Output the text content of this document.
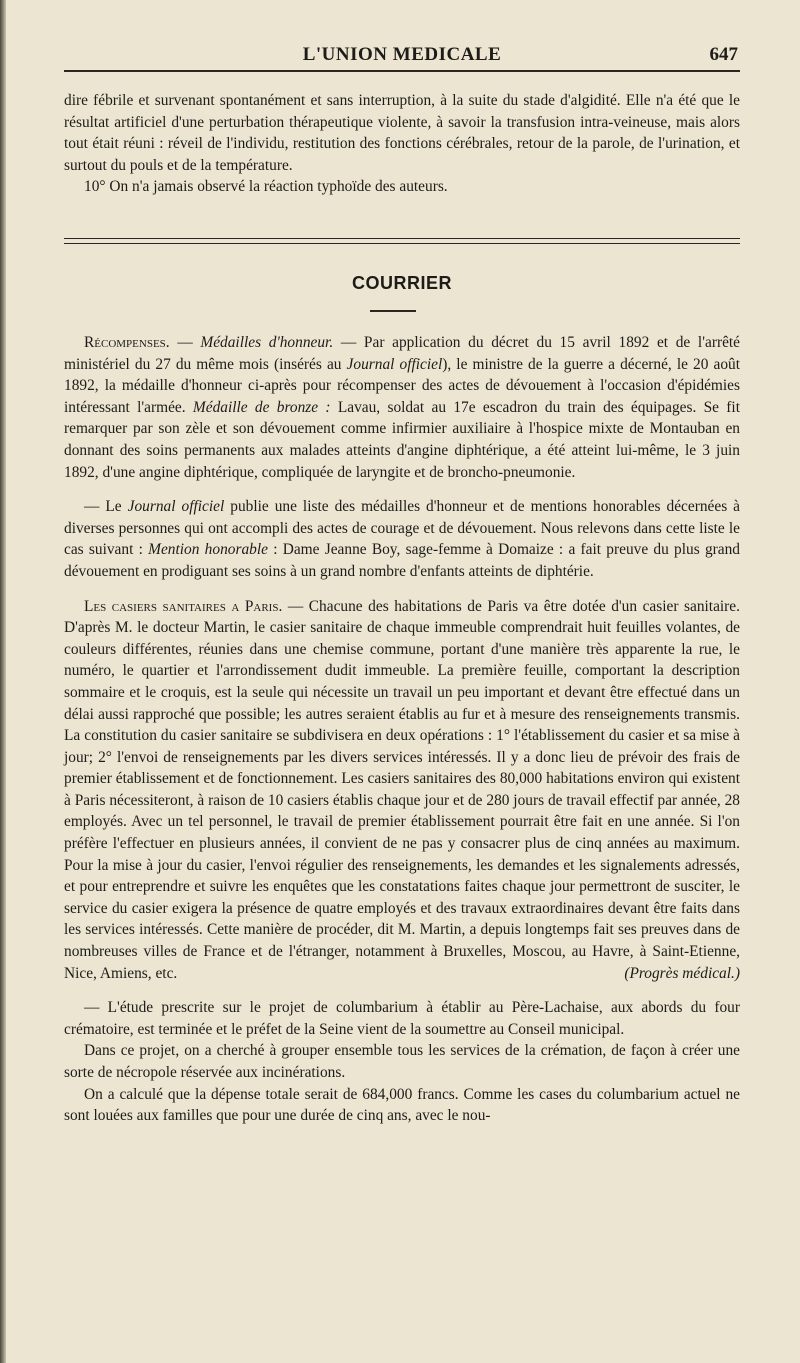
L'UNION MEDICALE	647

dire fébrile et survenant spontanément et sans interruption, à la suite du stade d'algidité. Elle n'a été que le résultat artificiel d'une perturbation thérapeutique violente, à savoir la transfusion intra-veineuse, mais alors tout était réuni : réveil de l'individu, restitution des fonctions cérébrales, retour de la parole, de l'urination, et surtout du pouls et de la température.

10° On n'a jamais observé la réaction typhoïde des auteurs.

COURRIER

Récompenses. — Médailles d'honneur. — Par application du décret du 15 avril 1892 et de l'arrêté ministériel du 27 du même mois (insérés au Journal officiel), le ministre de la guerre a décerné, le 20 août 1892, la médaille d'honneur ci-après pour récompenser des actes de dévouement à l'occasion d'épidémies intéressant l'armée. Médaille de bronze : Lavau, soldat au 17e escadron du train des équipages. Se fit remarquer par son zèle et son dévouement comme infirmier auxiliaire à l'hospice mixte de Montauban en donnant des soins permanents aux malades atteints d'angine diphtérique, a été atteint lui-même, le 3 juin 1892, d'une angine diphtérique, compliquée de laryngite et de broncho-pneumonie.

— Le Journal officiel publie une liste des médailles d'honneur et de mentions honorables décernées à diverses personnes qui ont accompli des actes de courage et de dévouement. Nous relevons dans cette liste le cas suivant : Mention honorable : Dame Jeanne Boy, sage-femme à Domaize : a fait preuve du plus grand dévouement en prodiguant ses soins à un grand nombre d'enfants atteints de diphtérie.

Les casiers sanitaires a Paris. — Chacune des habitations de Paris va être dotée d'un casier sanitaire. D'après M. le docteur Martin, le casier sanitaire de chaque immeuble comprendrait huit feuilles volantes, de couleurs différentes, réunies dans une chemise commune, portant d'une manière très apparente la rue, le numéro, le quartier et l'arrondissement dudit immeuble. La première feuille, comportant la description sommaire et le croquis, est la seule qui nécessite un travail un peu important et devant être effectué dans un délai aussi rapproché que possible; les autres seraient établis au fur et à mesure des renseignements transmis. La constitution du casier sanitaire se subdivisera en deux opérations : 1° l'établissement du casier et sa mise à jour; 2° l'envoi de renseignements par les divers services intéressés. Il y a donc lieu de prévoir des frais de premier établissement et de fonctionnement. Les casiers sanitaires des 80,000 habitations environ qui existent à Paris nécessiteront, à raison de 10 casiers établis chaque jour et de 280 jours de travail effectif par année, 28 employés. Avec un tel personnel, le travail de premier établissement pourrait être fait en une année. Si l'on préfère l'effectuer en plusieurs années, il convient de ne pas y consacrer plus de cinq années au maximum. Pour la mise à jour du casier, l'envoi régulier des renseignements, les demandes et les signalements adressés, et pour entreprendre et suivre les enquêtes que les constatations faites chaque jour permettront de susciter, le service du casier exigera la présence de quatre employés et des travaux extraordinaires devant être faits dans les services intéressés. Cette manière de procéder, dit M. Martin, a depuis longtemps fait ses preuves dans de nombreuses villes de France et de l'étranger, notamment à Bruxelles, Moscou, au Havre, à Saint-Etienne, Nice, Amiens, etc.	(Progrès médical.)

— L'étude prescrite sur le projet de columbarium à établir au Père-Lachaise, aux abords du four crématoire, est terminée et le préfet de la Seine vient de la soumettre au Conseil municipal.

Dans ce projet, on a cherché à grouper ensemble tous les services de la crémation, de façon à créer une sorte de nécropole réservée aux incinérations.

On a calculé que la dépense totale serait de 684,000 francs. Comme les cases du columbarium actuel ne sont louées aux familles que pour une durée de cinq ans, avec le nou-
